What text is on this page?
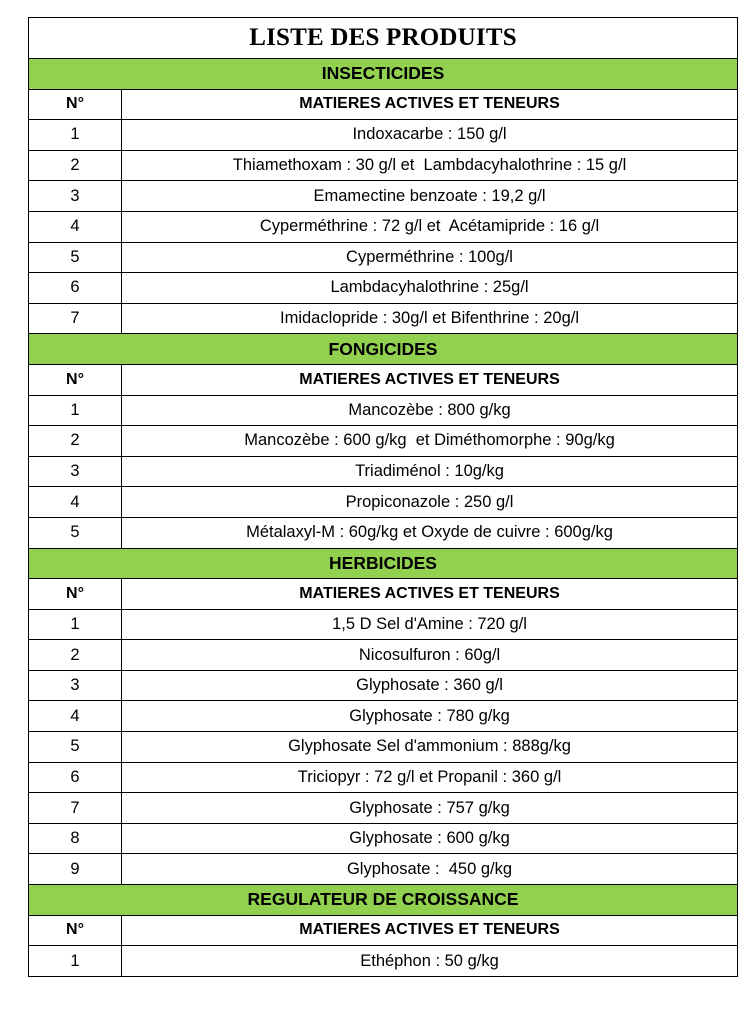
LISTE DES PRODUITS	
INSECTICIDES	
N°	MATIERES ACTIVES ET TENEURS
1	Indoxacarbe : 150 g/l
2	Thiamethoxam : 30 g/l et  Lambdacyhalothrine : 15 g/l
3	Emamectine benzoate : 19,2 g/l
4	Cyperméthrine : 72 g/l et  Acétamipride : 16 g/l
5	Cyperméthrine : 100g/l
6	Lambdacyhalothrine : 25g/l
7	Imidaclopride : 30g/l et Bifenthrine : 20g/l
FONGICIDES	
N°	MATIERES ACTIVES ET TENEURS
1	Mancozèbe : 800 g/kg
2	Mancozèbe : 600 g/kg  et Diméthomorphe : 90g/kg
3	Triadiménol : 10g/kg
4	Propiconazole : 250 g/l
5	Métalaxyl-M : 60g/kg et Oxyde de cuivre : 600g/kg
HERBICIDES	
N°	MATIERES ACTIVES ET TENEURS
1	1,5 D Sel d'Amine : 720 g/l
2	Nicosulfuron : 60g/l
3	Glyphosate : 360 g/l
4	Glyphosate : 780 g/kg
5	Glyphosate Sel d'ammonium : 888g/kg
6	Triciopyr : 72 g/l et Propanil : 360 g/l
7	Glyphosate : 757 g/kg
8	Glyphosate : 600 g/kg
9	Glyphosate :  450 g/kg
REGULATEUR DE CROISSANCE	
N°	MATIERES ACTIVES ET TENEURS
1	Ethéphon : 50 g/kg
